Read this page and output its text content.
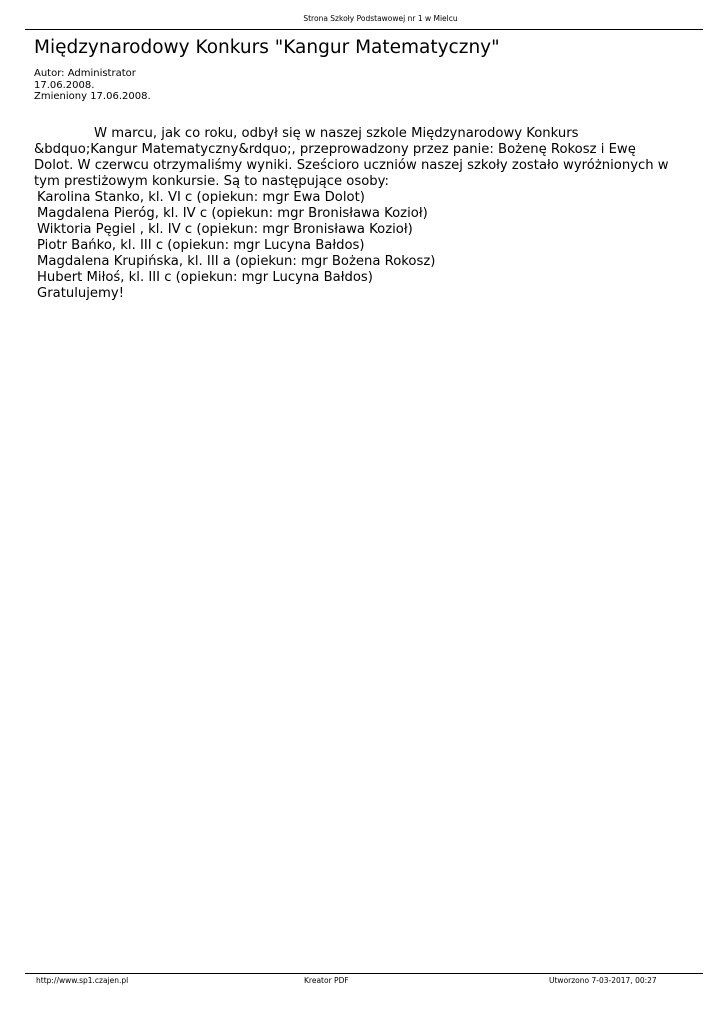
Strona Szkoły Podstawowej nr 1 w Mielcu
Międzynarodowy Konkurs "Kangur Matematyczny"
Autor: Administrator
17.06.2008.
Zmieniony 17.06.2008.

W marcu, jak co roku, odbył się w naszej szkole Międzynarodowy Konkurs &bdquo;Kangur Matematyczny&rdquo;, przeprowadzony przez panie: Bożenę Rokosz i Ewę Dolot. W czerwcu otrzymaliśmy wyniki. Sześcioro uczniów naszej szkoły zostało wyróżnionych w tym prestiżowym konkursie. Są to następujące osoby:

Karolina Stanko, kl. VI c (opiekun: mgr Ewa Dolot)
Magdalena Pieróg, kl. IV c (opiekun: mgr Bronisława Kozioł)
Wiktoria Pęgiel , kl. IV c (opiekun: mgr Bronisława Kozioł)
Piotr Bańko, kl. III c (opiekun: mgr Lucyna Bałdos)
Magdalena Krupińska, kl. III a (opiekun: mgr Bożena Rokosz)
Hubert Miłoś, kl. III c (opiekun: mgr Lucyna Bałdos)
Gratulujemy!
http://www.sp1.czajen.pl	Kreator PDF	Utworzono 7-03-2017, 00:27
